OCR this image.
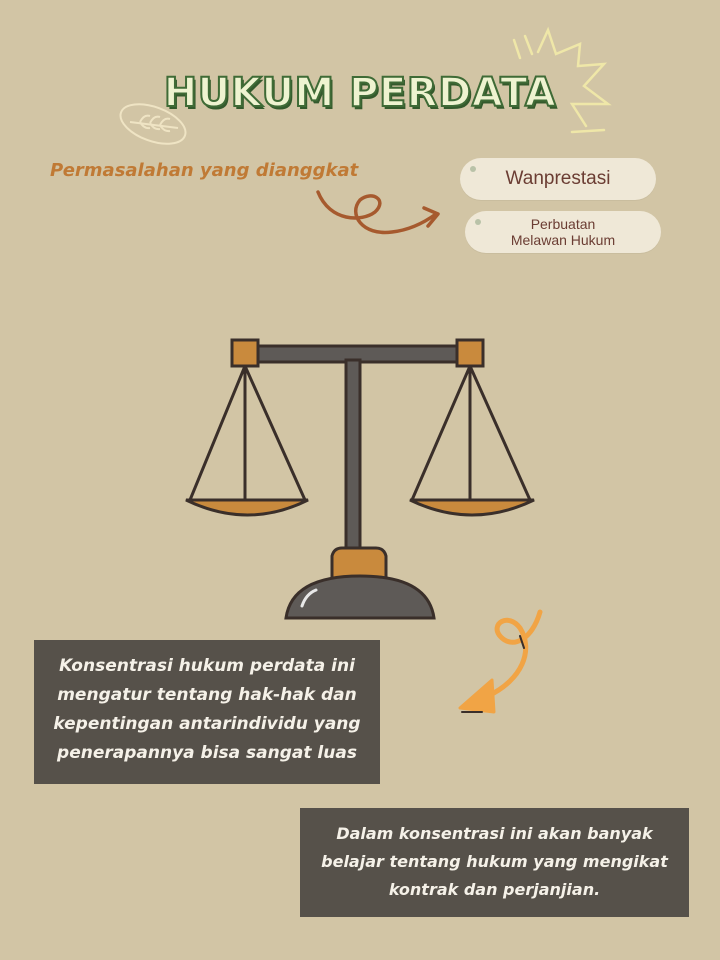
HUKUM PERDATA

Permasalahan yang dianggkat	Wanprestasi
Perbuatan
Melawan Hukum
Konsentrasi hukum perdata ini
mengatur tentang hak-hak dan
kepentingan antarindividu yang
penerapannya bisa sangat luas
Dalam konsentrasi ini akan banyak
belajar tentang hukum yang mengikat
kontrak dan perjanjian.
